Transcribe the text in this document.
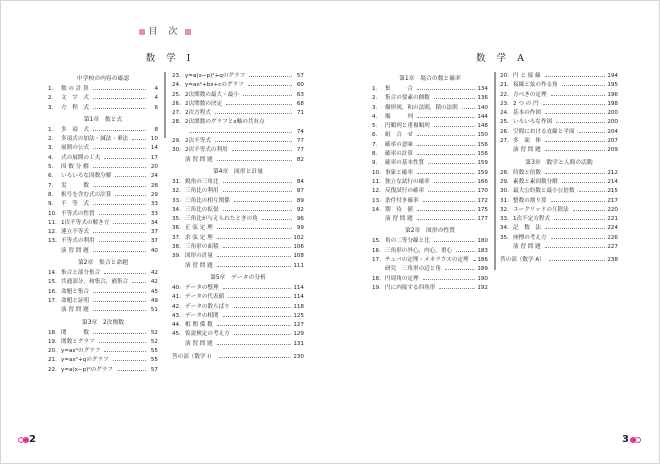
目 次
数 学 I	数 学 A
中学校の内容の確認
1.	数 の 計 算	4
2.	文　字　式	4
3.	方　程　式	6
第1章　数と式
1.	多　項　式	8
2.	多項式の加法・減法・乗法	10
3.	展開の公式	14
4.	式の展開の工夫	17
5.	因 数 分 解	20
6.	いろいろな因数分解	24
7.	実　　　数	28
8.	根号を含む式の計算	29
9.	不　等　式	33
10. 不等式の性質	33
11. 1次不等式の解き方	34
12. 連立不等式	37
13. 不等式の利用	37
演 習 問 題	40
第2章　集合と命題
14. 集合と部分集合	42
15. 共通部分，和集合，補集合	42
16. 命題と集合	45
17. 命題と証明	49
演 習 問 題	51
第3章　2次関数
18. 関　　　数	52
19. 関数とグラフ	52
20. y=ax²のグラフ	55
21. y=ax²+qのグラフ	55
22. y=a(x−p)²のグラフ	57
23. y=a(x−p)²+qのグラフ	57
24. y=ax²+bx+cのグラフ	60
25. 2次関数の最大・最小	63
26. 2次関数の決定	68
27. 2次方程式	71
28. 2次関数のグラフとx軸の共有点
74
29. 2次不等式	77
30. 2次不等式の利用	77
演 習 問 題	82
第4章　図形と計量
31. 鋭角の三角比	84
32. 三角比の利用	87
33. 三角比の相互関係	89
34. 三角比の拡張	92
35. 三角比が与えられたときの角	96
36. 正 弦 定 理	99
37. 余 弦 定 理	102
38. 三角形の面積	106
39. 図形の計量	108
演 習 問 題	111
第5章　データの分析
40. データの整理	114
41. データの代表値	114
42. データの散らばり	118
43. データの相関	125
44. 相 関 係 数	127
45. 仮説検定の考え方	129
演 習 問 題	131
答の部（数学 I）	230
第1章　場合の数と確率
1.	集　　　合	134
2.	集合の要素の個数	136
3.	樹形図，和の法則，積の法則	140
4.	順　　　列	144
5.	円順列と重複順列	148
6.	組　合　せ	150
7.	確率の意味	156
8.	確率の計算	156
9.	確率の基本性質	159
10. 事象と確率	159
11. 独立な試行の確率	166
12. 反復試行の確率	170
13. 条件付き確率	172
14. 期　待　値	175
演 習 問 題	177
第2章　図形の性質
15. 角の二等分線と比	180
16. 三角形の外心，内心，重心	183
17. チェバの定理・メネラウスの定理 186
研究　三角形の辺と角	189
18. 円周角の定理	190
19. 円に内接する四角形	192
20. 円 と 接 線	194
21. 接線と弦の作る角	195
22. 方べきの定理	196
23. 2 つ の 円	198
24. 基本の作図	200
25. いろいろな作図	200
26. 空間における直線と平面	204
27. 多　面　体	207
演 習 問 題	209
第3章　数学と人間の活動
28. 約数と倍数	212
29. 素数と素因数分解	214
30. 最大公約数と最小公倍数	215
31. 整数の割り算	217
32. ユークリッドの互除法	220
33. 1次不定方程式	221
34. 記　数　法	224
35. 座標の考え方	226
演 習 問 題	227
答の部（数学 A）	238
2	3
